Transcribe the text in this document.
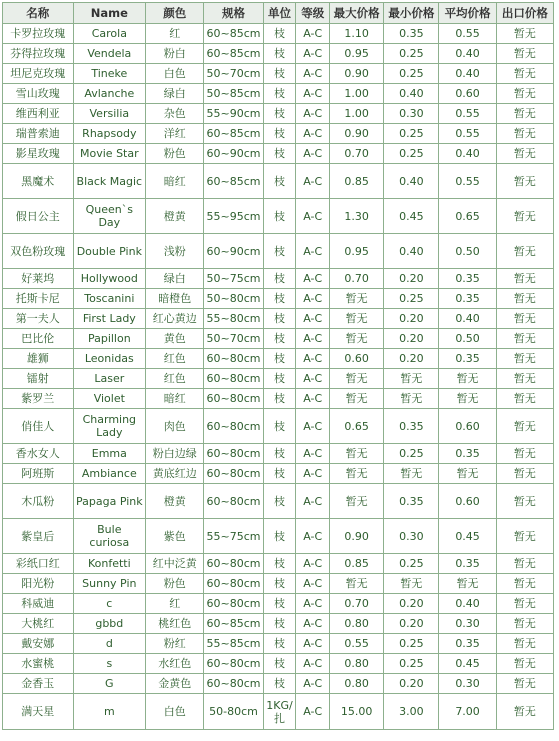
名称	Name	颜色	规格	单位	等级	最大价格	最小价格	平均价格	出口价格
卡罗拉玫瑰	Carola	红	60~85cm	枝	A-C	1.10	0.35	0.55	暂无
芬得拉玫瑰	Vendela	粉白	60~85cm	枝	A-C	0.95	0.25	0.40	暂无
坦尼克玫瑰	Tineke	白色	50~70cm	枝	A-C	0.90	0.25	0.40	暂无
雪山玫瑰	Avlanche	绿白	50~85cm	枝	A-C	1.00	0.40	0.60	暂无
维西利亚	Versilia	杂色	55~90cm	枝	A-C	1.00	0.30	0.55	暂无
瑞普索迪	Rhapsody	洋红	60~85cm	枝	A-C	0.90	0.25	0.55	暂无
影星玫瑰	Movie Star	粉色	60~90cm	枝	A-C	0.70	0.25	0.40	暂无
黑魔术	Black Magic	暗红	60~85cm	枝	A-C	0.85	0.40	0.55	暂无
假日公主	Queen`s Day	橙黄	55~95cm	枝	A-C	1.30	0.45	0.65	暂无
双色粉玫瑰	Double Pink	浅粉	60~90cm	枝	A-C	0.95	0.40	0.50	暂无
好莱坞	Hollywood	绿白	50~75cm	枝	A-C	0.70	0.20	0.35	暂无
托斯卡尼	Toscanini	暗橙色	50~80cm	枝	A-C	暂无	0.25	0.35	暂无
第一夫人	First Lady	红心黄边	55~80cm	枝	A-C	暂无	0.20	0.40	暂无
巴比伦	Papillon	黄色	50~70cm	枝	A-C	暂无	0.20	0.50	暂无
雄狮	Leonidas	红色	60~80cm	枝	A-C	0.60	0.20	0.35	暂无
镭射	Laser	红色	60~80cm	枝	A-C	暂无	暂无	暂无	暂无
紫罗兰	Violet	暗红	60~80cm	枝	A-C	暂无	暂无	暂无	暂无
俏佳人	Charming Lady	肉色	60~80cm	枝	A-C	0.65	0.35	0.60	暂无
香水女人	Emma	粉白边绿	60~80cm	枝	A-C	暂无	0.25	0.35	暂无
阿班斯	Ambiance	黄底红边	60~80cm	枝	A-C	暂无	暂无	暂无	暂无
木瓜粉	Papaga Pink	橙黄	60~80cm	枝	A-C	暂无	0.35	0.60	暂无
紫皇后	Bule curiosa	紫色	55~75cm	枝	A-C	0.90	0.30	0.45	暂无
彩纸口红	Konfetti	红中泛黄	60~80cm	枝	A-C	0.85	0.25	0.35	暂无
阳光粉	Sunny Pin	粉色	60~80cm	枝	A-C	暂无	暂无	暂无	暂无
科威迪	c	红	60~80cm	枝	A-C	0.70	0.20	0.40	暂无
大桃红	gbbd	桃红色	60~85cm	枝	A-C	0.80	0.20	0.30	暂无
戴安娜	d	粉红	55~85cm	枝	A-C	0.55	0.25	0.35	暂无
水蜜桃	s	水红色	60~80cm	枝	A-C	0.80	0.25	0.45	暂无
金香玉	G	金黄色	60~80cm	枝	A-C	0.80	0.20	0.30	暂无
满天星	m	白色	50-80cm	1KG/扎	A-C	15.00	3.00	7.00	暂无
